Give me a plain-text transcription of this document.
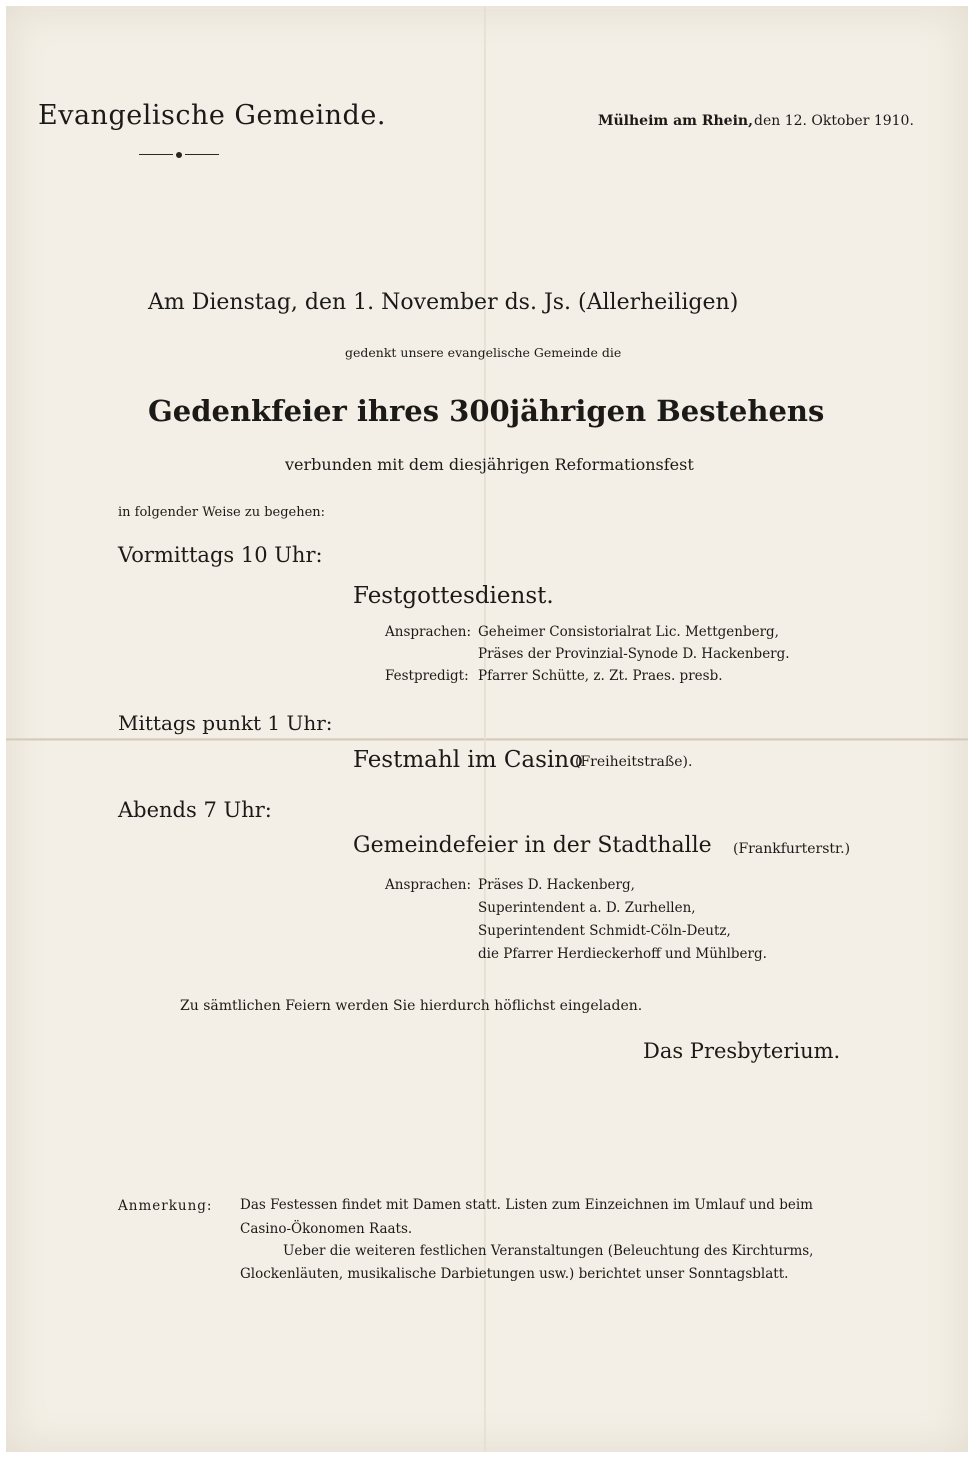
Evangelische Gemeinde.	Mülheim am Rhein, den 12. Oktober 1910.
Am Dienstag, den 1. November ds. Js. (Allerheiligen)
gedenkt unsere evangelische Gemeinde die
Gedenkfeier ihres 300jährigen Bestehens
verbunden mit dem diesjährigen Reformationsfest
in folgender Weise zu begehen:
Vormittags 10 Uhr:
Festgottesdienst.
Ansprachen: Geheimer Consistorialrat Lic. Mettgenberg,
Präses der Provinzial-Synode D. Hackenberg.
Festpredigt: Pfarrer Schütte, z. Zt. Praes. presb.
Mittags punkt 1 Uhr:
Festmahl im Casino
(Freiheitstraße).
Abends 7 Uhr:
Gemeindefeier in der Stadthalle (Frankfurterstr.)
Ansprachen: Präses D. Hackenberg,
Superintendent a. D. Zurhellen,
Superintendent Schmidt-Cöln-Deutz,
die Pfarrer Herdieckerhoff und Mühlberg.
Zu sämtlichen Feiern werden Sie hierdurch höflichst eingeladen.
Das Presbyterium.
Anmerkung: Das Festessen findet mit Damen statt. Listen zum Einzeichnen im Umlauf und beim
Casino-Ökonomen Raats.
Ueber die weiteren festlichen Veranstaltungen (Beleuchtung des Kirchturms,
Glockenläuten, musikalische Darbietungen usw.) berichtet unser Sonntagsblatt.
